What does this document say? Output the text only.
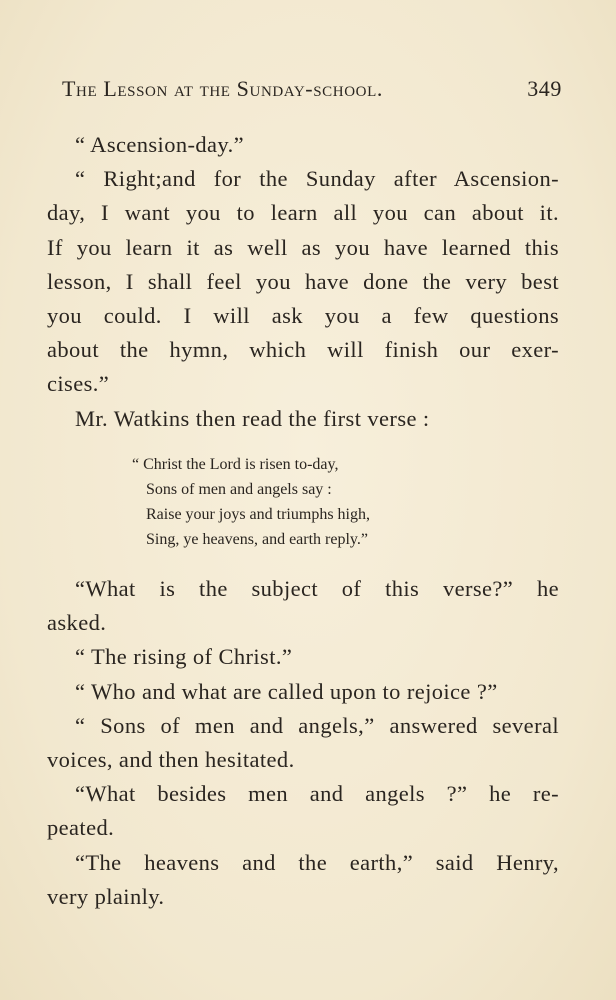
The Lesson at the Sunday-school.	349
“ Ascension-day.”
“ Right;and for the Sunday after Ascension-
day, I want you to learn all you can about it.
If you learn it as well as you have learned this
lesson, I shall feel you have done the very best
you could. I will ask you a few questions
about the hymn, which will finish our exer-
cises.”
Mr. Watkins then read the first verse :
“ Christ the Lord is risen to-day,
Sons of men and angels say :
Raise your joys and triumphs high,
Sing, ye heavens, and earth reply.”
“What is the subject of this verse?” he
asked.
“ The rising of Christ.”
“ Who and what are called upon to rejoice ?”
“ Sons of men and angels,” answered several
voices, and then hesitated.
“What besides men and angels ?” he re-
peated.
“The heavens and the earth,” said Henry,
very plainly.
